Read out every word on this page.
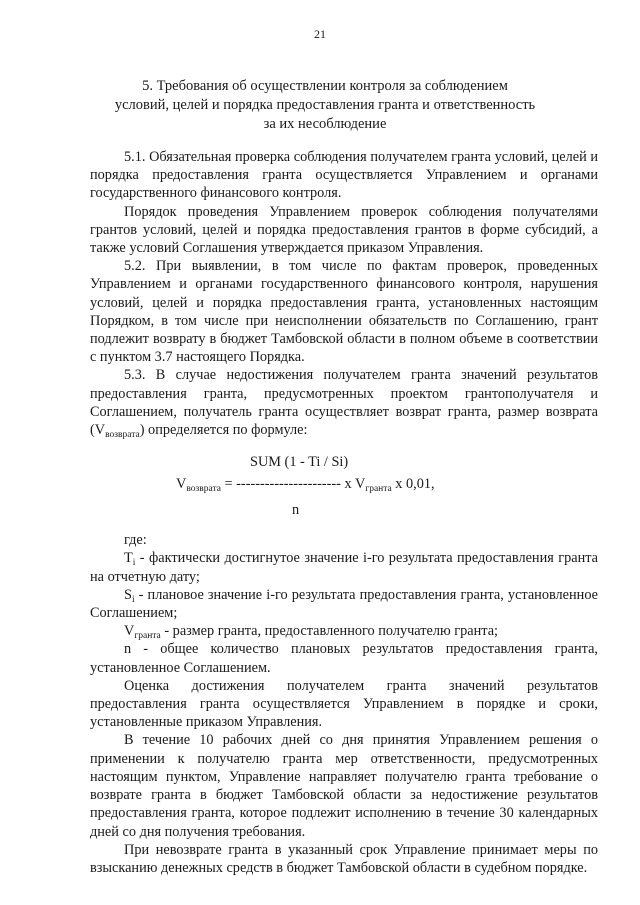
21
5. Требования об осуществлении контроля за соблюдением
условий, целей и порядка предоставления гранта и ответственность
за их несоблюдение

5.1. Обязательная проверка соблюдения получателем гранта условий, целей и порядка предоставления гранта осуществляется Управлением и органами государственного финансового контроля.

Порядок проведения Управлением проверок соблюдения получателями грантов условий, целей и порядка предоставления грантов в форме субсидий, а также условий Соглашения утверждается приказом Управления.

5.2. При выявлении, в том числе по фактам проверок, проведенных Управлением и органами государственного финансового контроля, нарушения условий, целей и порядка предоставления гранта, установленных настоящим Порядком, в том числе при неисполнении обязательств по Соглашению, грант подлежит возврату в бюджет Тамбовской области в полном объеме в соответствии с пунктом 3.7 настоящего Порядка.

5.3. В случае недостижения получателем гранта значений результатов предоставления гранта, предусмотренных проектом грантополучателя и Соглашением, получатель гранта осуществляет возврат гранта, размер возврата $(V_{возврата})$ определяется по формуле:

SUM (1 - Ti / Si)
$V_{возврата}$ = ---------------------- x $V_{гранта}$ x 0,01,
n

где:

$T_i$ - фактически достигнутое значение i-го результата предоставления гранта на отчетную дату;

$S_i$ - плановое значение i-го результата предоставления гранта, установленное Соглашением;

$V_{гранта}$ - размер гранта, предоставленного получателю гранта;

n - общее количество плановых результатов предоставления гранта, установленное Соглашением.

Оценка достижения получателем гранта значений результатов предоставления гранта осуществляется Управлением в порядке и сроки, установленные приказом Управления.

В течение 10 рабочих дней со дня принятия Управлением решения о применении к получателю гранта мер ответственности, предусмотренных настоящим пунктом, Управление направляет получателю гранта требование о возврате гранта в бюджет Тамбовской области за недостижение результатов предоставления гранта, которое подлежит исполнению в течение 30 календарных дней со дня получения требования.

При невозврате гранта в указанный срок Управление принимает меры по взысканию денежных средств в бюджет Тамбовской области в судебном порядке.
